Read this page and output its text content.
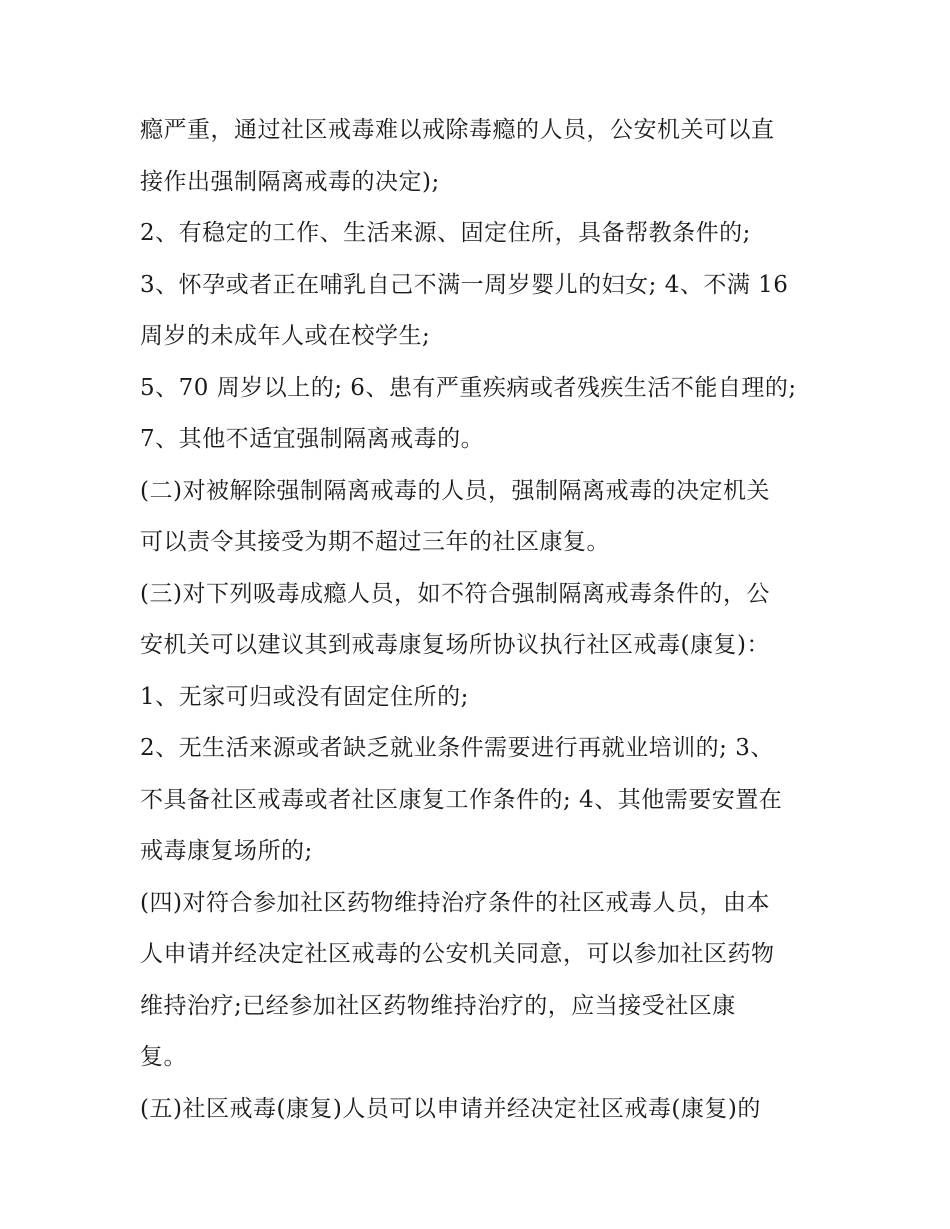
瘾严重，通过社区戒毒难以戒除毒瘾的人员，公安机关可以直
接作出强制隔离戒毒的决定);
2、有稳定的工作、生活来源、固定住所，具备帮教条件的;
3、怀孕或者正在哺乳自己不满一周岁婴儿的妇女; 4、不满 16
周岁的未成年人或在校学生;
5、70 周岁以上的; 6、患有严重疾病或者残疾生活不能自理的;
7、其他不适宜强制隔离戒毒的。
(二)对被解除强制隔离戒毒的人员，强制隔离戒毒的决定机关
可以责令其接受为期不超过三年的社区康复。
(三)对下列吸毒成瘾人员，如不符合强制隔离戒毒条件的，公
安机关可以建议其到戒毒康复场所协议执行社区戒毒(康复)：
1、无家可归或没有固定住所的;
2、无生活来源或者缺乏就业条件需要进行再就业培训的; 3、
不具备社区戒毒或者社区康复工作条件的; 4、其他需要安置在
戒毒康复场所的;
(四)对符合参加社区药物维持治疗条件的社区戒毒人员，由本
人申请并经决定社区戒毒的公安机关同意，可以参加社区药物
维持治疗;已经参加社区药物维持治疗的，应当接受社区康
复。
(五)社区戒毒(康复)人员可以申请并经决定社区戒毒(康复)的
